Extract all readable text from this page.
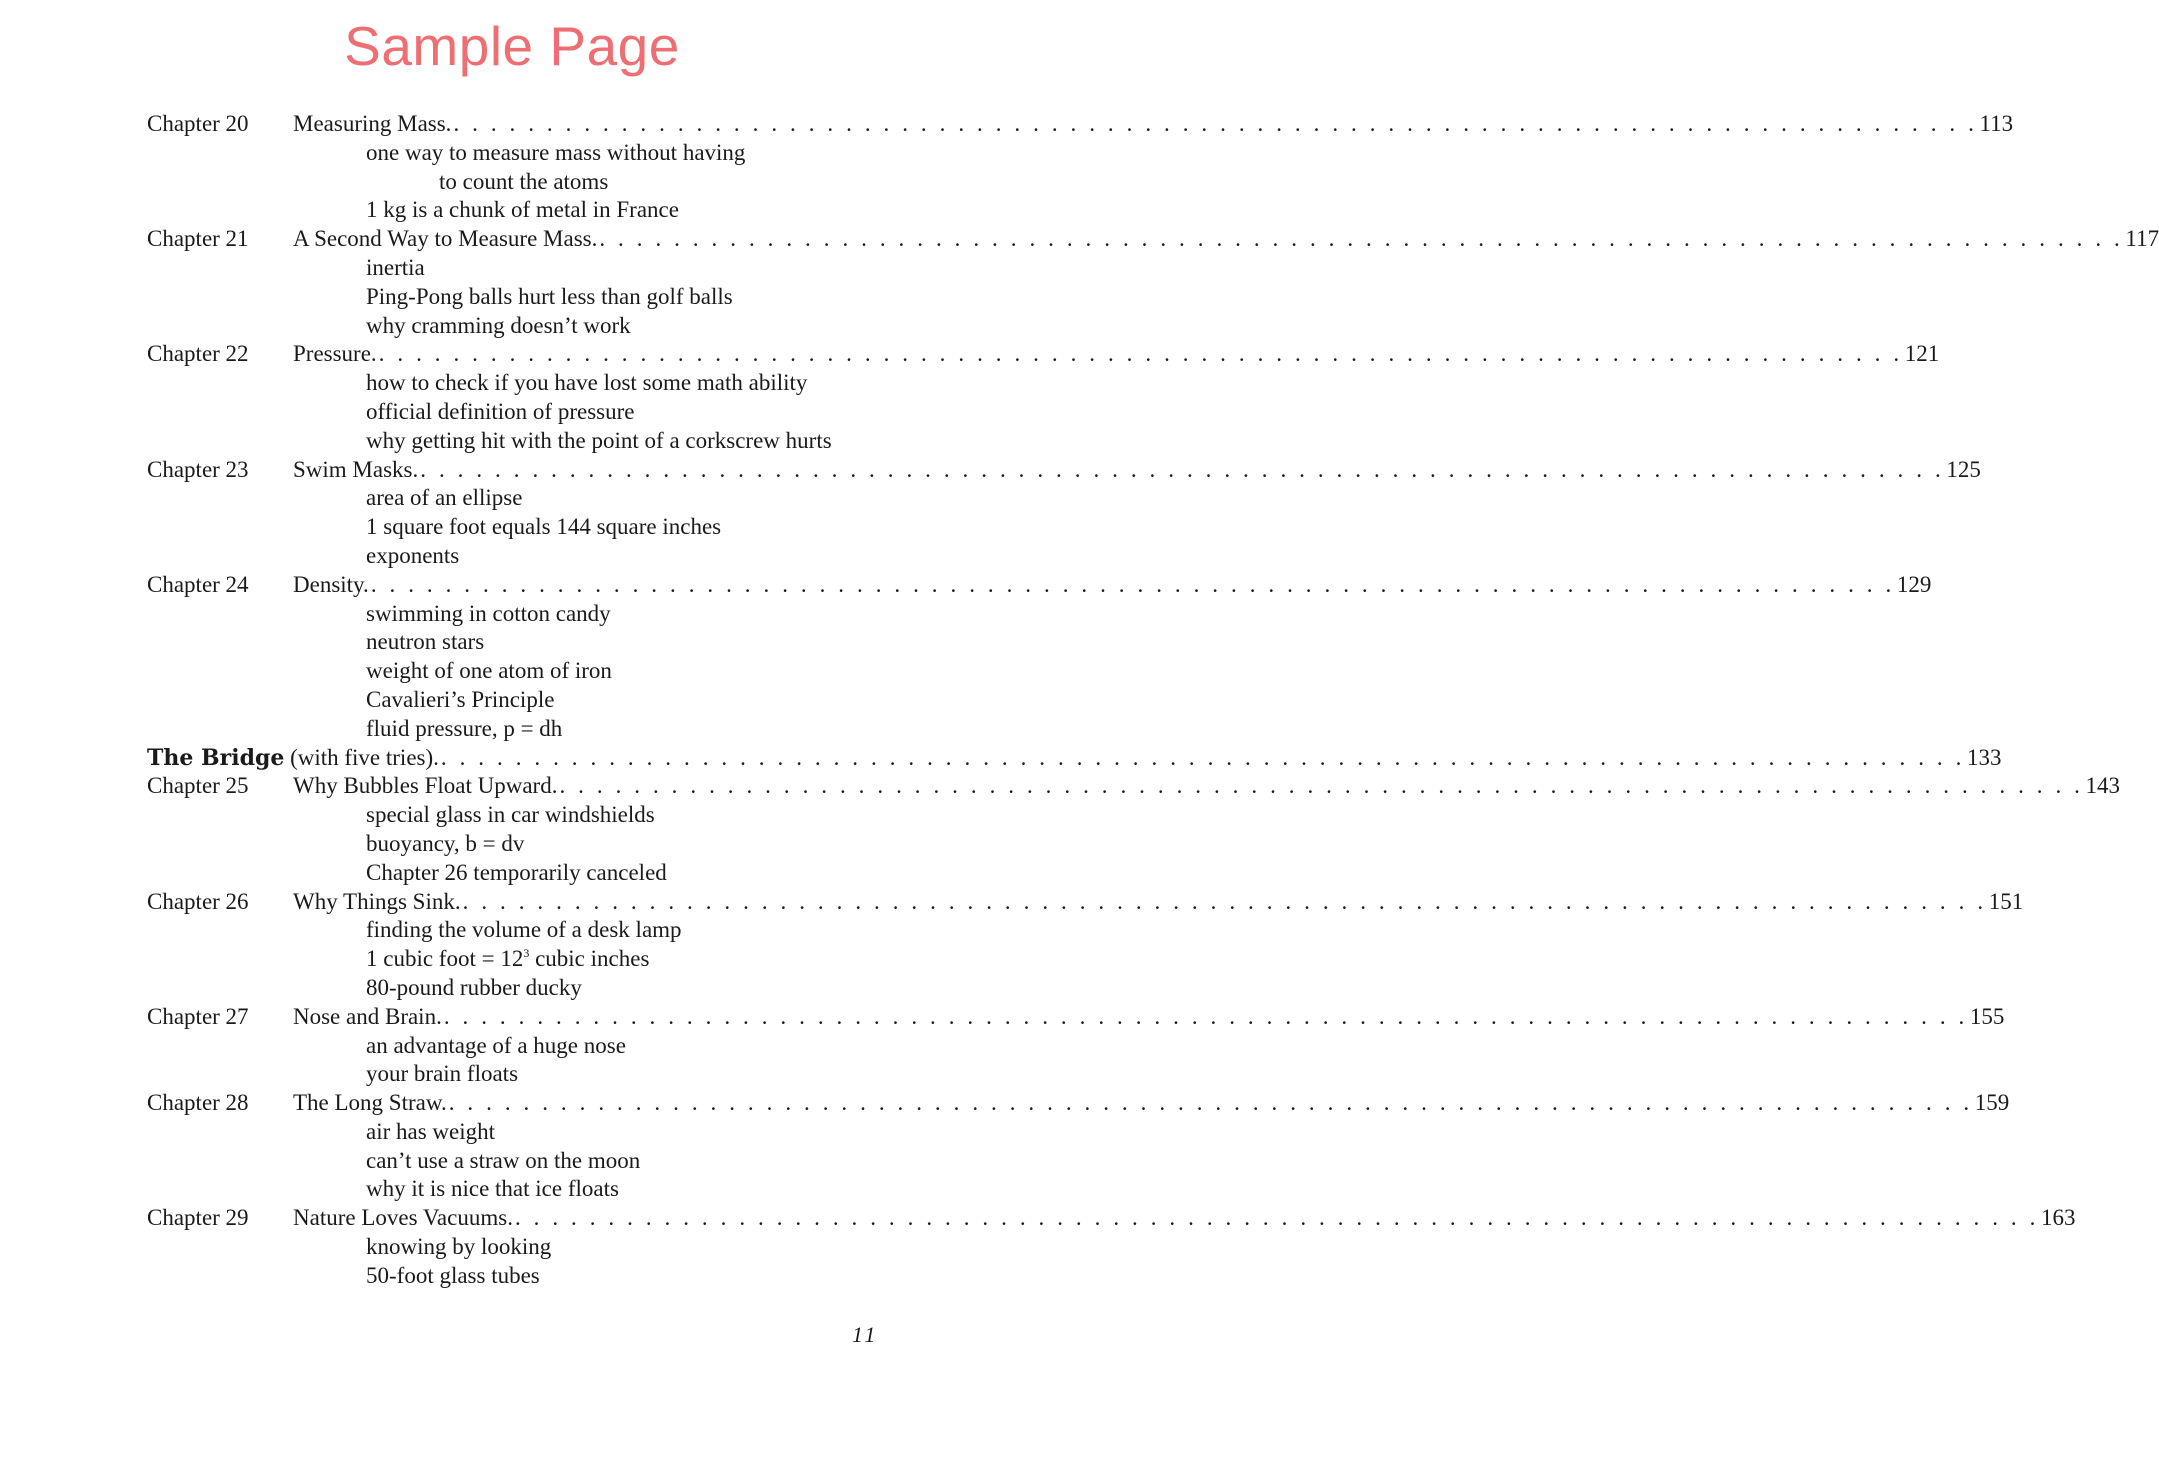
Sample Page
Chapter 20	Measuring Mass. . . . . . . . . . . . . . . . . . . . . . . . . . . . . . . . . . . . . . . . . . . . . . . . . . . . . . . . . . . . . . . . . . . . . . . . . . . . . . . . . . . 113
one way to measure mass without having
to count the atoms
1 kg is a chunk of metal in France
Chapter 21	A Second Way to Measure Mass. . . . . . . . . . . . . . . . . . . . . . . . . . . . . . . . . . . . . . . . . . . . . . . . . . . . . . . . . . . . . . . . . . . . . . . . . . . . . . . . . . . 117
inertia
Ping-Pong balls hurt less than golf balls
why cramming doesn’t work
Chapter 22	Pressure. . . . . . . . . . . . . . . . . . . . . . . . . . . . . . . . . . . . . . . . . . . . . . . . . . . . . . . . . . . . . . . . . . . . . . . . . . . . . . . . . . . 121
how to check if you have lost some math ability
official definition of pressure
why getting hit with the point of a corkscrew hurts
Chapter 23	Swim Masks. . . . . . . . . . . . . . . . . . . . . . . . . . . . . . . . . . . . . . . . . . . . . . . . . . . . . . . . . . . . . . . . . . . . . . . . . . . . . . . . . . . 125
area of an ellipse
1 square foot equals 144 square inches
exponents
Chapter 24	Density. . . . . . . . . . . . . . . . . . . . . . . . . . . . . . . . . . . . . . . . . . . . . . . . . . . . . . . . . . . . . . . . . . . . . . . . . . . . . . . . . . . 129
swimming in cotton candy
neutron stars
weight of one atom of iron
Cavalieri’s Principle
fluid pressure, p = dh
The Bridge (with five tries). . . . . . . . . . . . . . . . . . . . . . . . . . . . . . . . . . . . . . . . . . . . . . . . . . . . . . . . . . . . . . . . . . . . . . . . . . . . . . . . . . . 133
Chapter 25	Why Bubbles Float Upward. . . . . . . . . . . . . . . . . . . . . . . . . . . . . . . . . . . . . . . . . . . . . . . . . . . . . . . . . . . . . . . . . . . . . . . . . . . . . . . . . . . 143
special glass in car windshields
buoyancy, b = dv
Chapter 26 temporarily canceled
Chapter 26	Why Things Sink. . . . . . . . . . . . . . . . . . . . . . . . . . . . . . . . . . . . . . . . . . . . . . . . . . . . . . . . . . . . . . . . . . . . . . . . . . . . . . . . . . . 151
finding the volume of a desk lamp
1 cubic foot = $12^3$ cubic inches
80-pound rubber ducky
Chapter 27	Nose and Brain. . . . . . . . . . . . . . . . . . . . . . . . . . . . . . . . . . . . . . . . . . . . . . . . . . . . . . . . . . . . . . . . . . . . . . . . . . . . . . . . . . . 155
an advantage of a huge nose
your brain floats
Chapter 28	The Long Straw. . . . . . . . . . . . . . . . . . . . . . . . . . . . . . . . . . . . . . . . . . . . . . . . . . . . . . . . . . . . . . . . . . . . . . . . . . . . . . . . . . . 159
air has weight
can’t use a straw on the moon
why it is nice that ice floats
Chapter 29	Nature Loves Vacuums. . . . . . . . . . . . . . . . . . . . . . . . . . . . . . . . . . . . . . . . . . . . . . . . . . . . . . . . . . . . . . . . . . . . . . . . . . . . . . . . . . . 163
knowing by looking
50-foot glass tubes
11
